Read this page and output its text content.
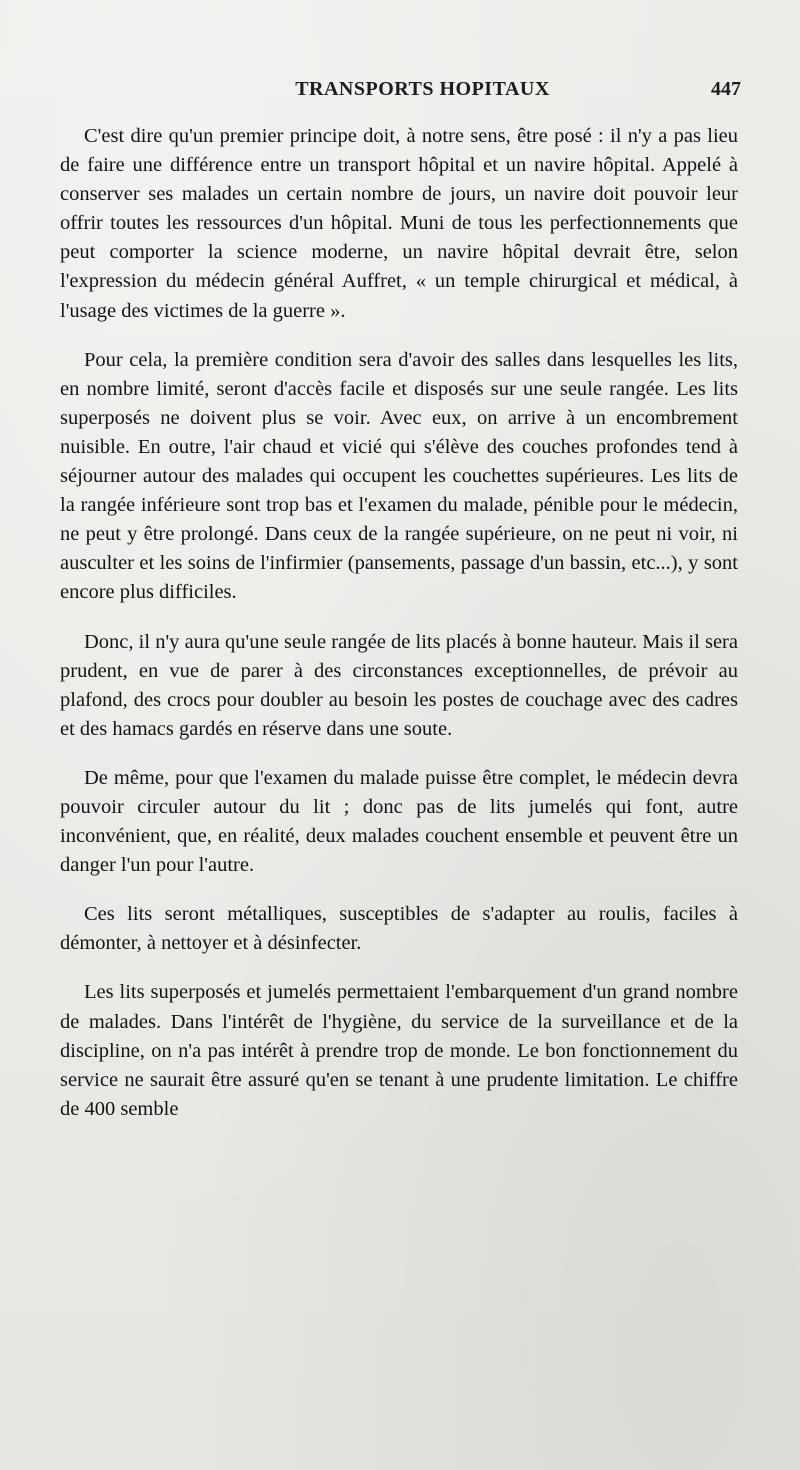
TRANSPORTS HOPITAUX	447

C'est dire qu'un premier principe doit, à notre sens, être posé : il n'y a pas lieu de faire une différence entre un transport hôpital et un navire hôpital. Appelé à conserver ses malades un certain nombre de jours, un navire doit pouvoir leur offrir toutes les ressources d'un hôpital. Muni de tous les perfectionnements que peut comporter la science moderne, un navire hôpital devrait être, selon l'expression du médecin général Auffret, « un temple chirurgical et médical, à l'usage des victimes de la guerre ».

Pour cela, la première condition sera d'avoir des salles dans lesquelles les lits, en nombre limité, seront d'accès facile et disposés sur une seule rangée. Les lits superposés ne doivent plus se voir. Avec eux, on arrive à un encombrement nuisible. En outre, l'air chaud et vicié qui s'élève des couches profondes tend à séjourner autour des malades qui occupent les couchettes supérieures. Les lits de la rangée inférieure sont trop bas et l'examen du malade, pénible pour le médecin, ne peut y être prolongé. Dans ceux de la rangée supérieure, on ne peut ni voir, ni ausculter et les soins de l'infirmier (pansements, passage d'un bassin, etc...), y sont encore plus difficiles.

Donc, il n'y aura qu'une seule rangée de lits placés à bonne hauteur. Mais il sera prudent, en vue de parer à des circonstances exceptionnelles, de prévoir au plafond, des crocs pour doubler au besoin les postes de couchage avec des cadres et des hamacs gardés en réserve dans une soute.

De même, pour que l'examen du malade puisse être complet, le médecin devra pouvoir circuler autour du lit ; donc pas de lits jumelés qui font, autre inconvénient, que, en réalité, deux malades couchent ensemble et peuvent être un danger l'un pour l'autre.

Ces lits seront métalliques, susceptibles de s'adapter au roulis, faciles à démonter, à nettoyer et à désinfecter.

Les lits superposés et jumelés permettaient l'embarquement d'un grand nombre de malades. Dans l'intérêt de l'hygiène, du service de la surveillance et de la discipline, on n'a pas intérêt à prendre trop de monde. Le bon fonctionnement du service ne saurait être assuré qu'en se tenant à une prudente limitation. Le chiffre de 400 semble
